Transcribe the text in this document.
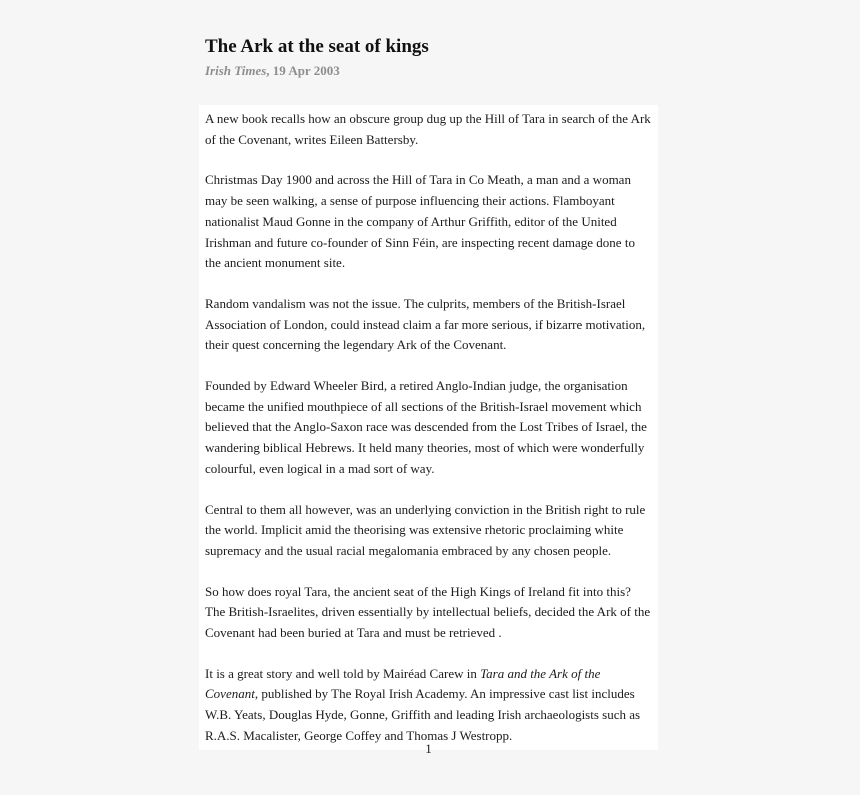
The Ark at the seat of kings

Irish Times, 19 Apr 2003

A new book recalls how an obscure group dug up the Hill of Tara in search of the Ark of the Covenant, writes Eileen Battersby.

Christmas Day 1900 and across the Hill of Tara in Co Meath, a man and a woman may be seen walking, a sense of purpose influencing their actions. Flamboyant nationalist Maud Gonne in the company of Arthur Griffith, editor of the United Irishman and future co-founder of Sinn Féin, are inspecting recent damage done to the ancient monument site.

Random vandalism was not the issue. The culprits, members of the British-Israel Association of London, could instead claim a far more serious, if bizarre motivation, their quest concerning the legendary Ark of the Covenant.

Founded by Edward Wheeler Bird, a retired Anglo-Indian judge, the organisation became the unified mouthpiece of all sections of the British-Israel movement which believed that the Anglo-Saxon race was descended from the Lost Tribes of Israel, the wandering biblical Hebrews. It held many theories, most of which were wonderfully colourful, even logical in a mad sort of way.

Central to them all however, was an underlying conviction in the British right to rule the world. Implicit amid the theorising was extensive rhetoric proclaiming white supremacy and the usual racial megalomania embraced by any chosen people.

So how does royal Tara, the ancient seat of the High Kings of Ireland fit into this? The British-Israelites, driven essentially by intellectual beliefs, decided the Ark of the Covenant had been buried at Tara and must be retrieved .

It is a great story and well told by Mairéad Carew in Tara and the Ark of the Covenant, published by The Royal Irish Academy. An impressive cast list includes W.B. Yeats, Douglas Hyde, Gonne, Griffith and leading Irish archaeologists such as R.A.S. Macalister, George Coffey and Thomas J Westropp.

1
